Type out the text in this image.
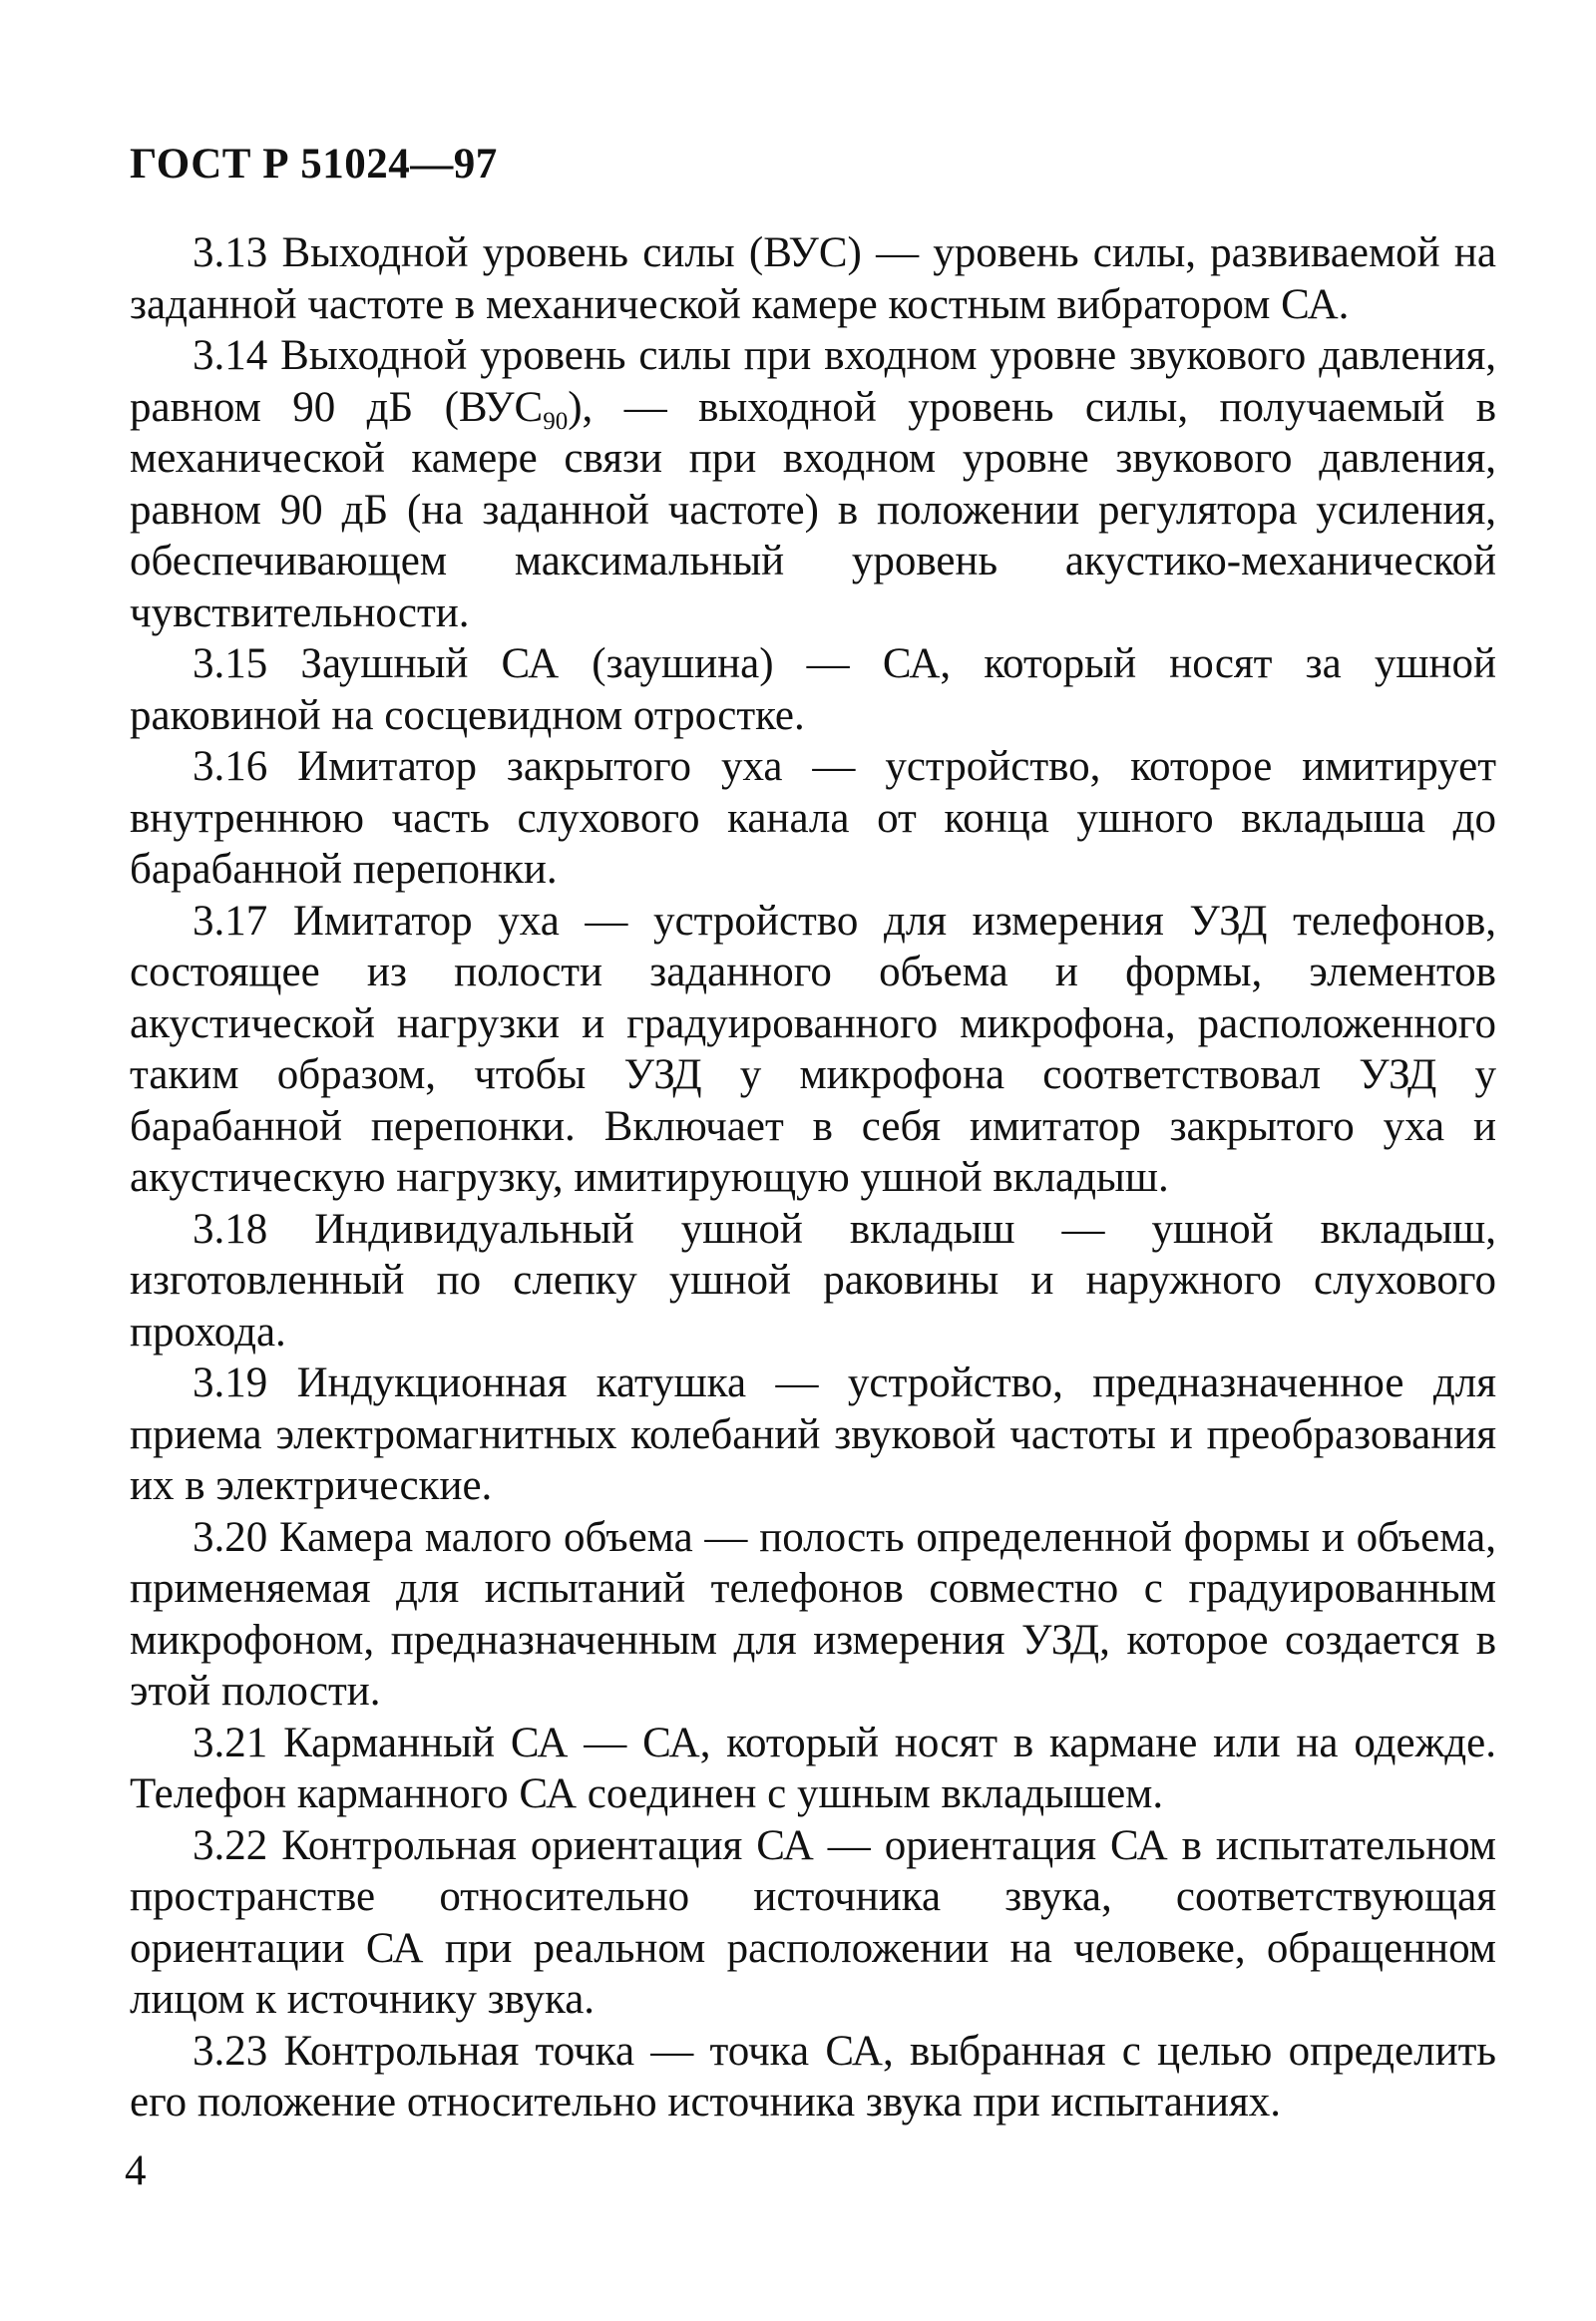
ГОСТ Р 51024—97

3.13 Выходной уровень силы (ВУС) — уровень силы, развиваемой на заданной частоте в механической камере костным вибратором СА.

3.14 Выходной уровень силы при входном уровне звукового давления, равном 90 дБ $(ВУС_{90})$, — выходной уровень силы, получаемый в механической камере связи при входном уровне звукового давления, равном 90 дБ (на заданной частоте) в положении регулятора усиления, обеспечивающем максимальный уровень акустико-механической чувствительности.

3.15 Заушный СА (заушина) — СА, который носят за ушной раковиной на сосцевидном отростке.

3.16 Имитатор закрытого уха — устройство, которое имитирует внутреннюю часть слухового канала от конца ушного вкладыша до барабанной перепонки.

3.17 Имитатор уха — устройство для измерения УЗД телефонов, состоящее из полости заданного объема и формы, элементов акустической нагрузки и градуированного микрофона, расположенного таким образом, чтобы УЗД у микрофона соответствовал УЗД у барабанной перепонки. Включает в себя имитатор закрытого уха и акустическую нагрузку, имитирующую ушной вкладыш.

3.18 Индивидуальный ушной вкладыш — ушной вкладыш, изготовленный по слепку ушной раковины и наружного слухового прохода.

3.19 Индукционная катушка — устройство, предназначенное для приема электромагнитных колебаний звуковой частоты и преобразования их в электрические.

3.20 Камера малого объема — полость определенной формы и объема, применяемая для испытаний телефонов совместно с градуированным микрофоном, предназначенным для измерения УЗД, которое создается в этой полости.

3.21 Карманный СА — СА, который носят в кармане или на одежде. Телефон карманного СА соединен с ушным вкладышем.

3.22 Контрольная ориентация СА — ориентация СА в испытательном пространстве относительно источника звука, соответствующая ориентации СА при реальном расположении на человеке, обращенном лицом к источнику звука.

3.23 Контрольная точка — точка СА, выбранная с целью определить его положение относительно источника звука при испытаниях.

4
